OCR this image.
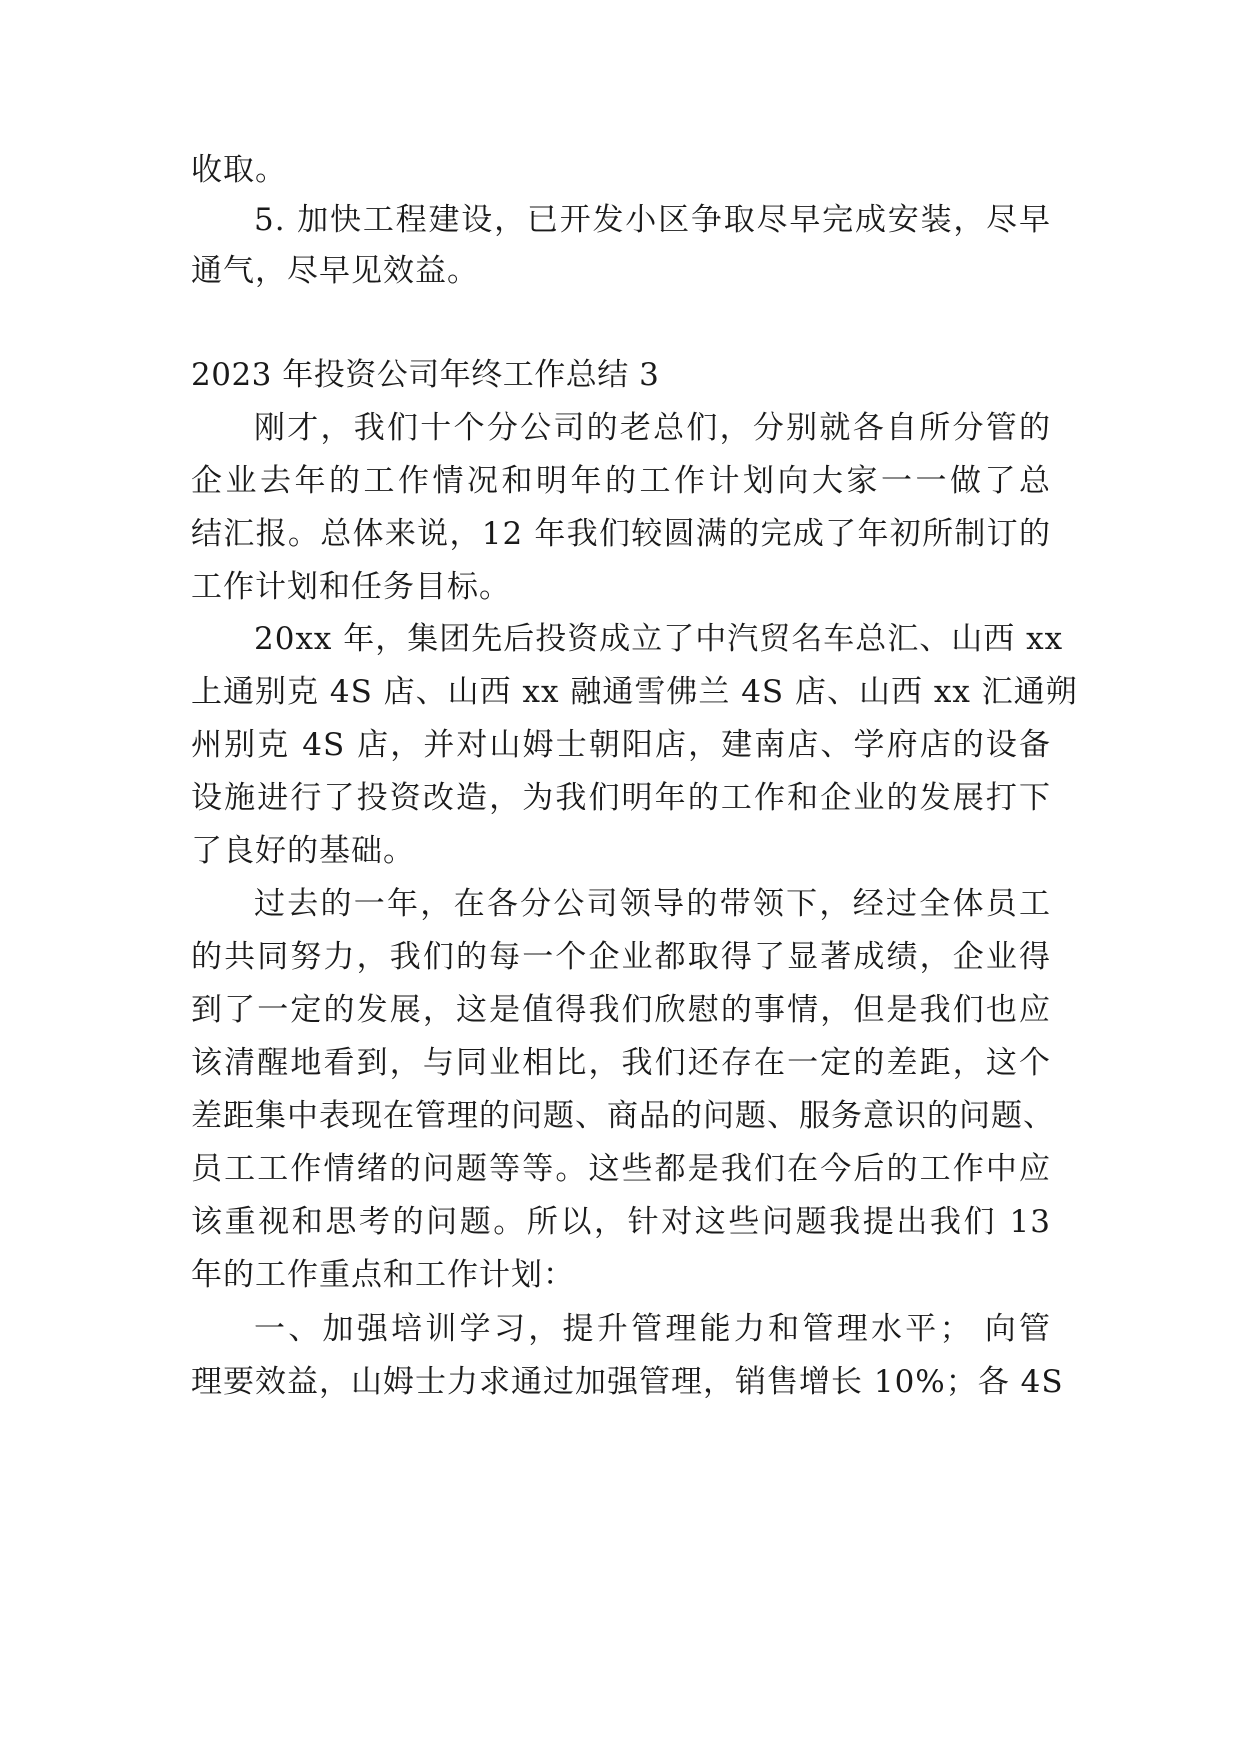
收取。
5. 加快工程建设，已开发小区争取尽早完成安装，尽早
通气，尽早见效益。
2023 年投资公司年终工作总结 3
刚才，我们十个分公司的老总们，分别就各自所分管的
企业去年的工作情况和明年的工作计划向大家一一做了总
结汇报。总体来说，12 年我们较圆满的完成了年初所制订的
工作计划和任务目标。
20xx 年，集团先后投资成立了中汽贸名车总汇、山西 xx
上通别克 4S 店、山西 xx 融通雪佛兰 4S 店、山西 xx 汇通朔
州别克 4S 店，并对山姆士朝阳店，建南店、学府店的设备
设施进行了投资改造，为我们明年的工作和企业的发展打下
了良好的基础。
过去的一年，在各分公司领导的带领下，经过全体员工
的共同努力，我们的每一个企业都取得了显著成绩，企业得
到了一定的发展，这是值得我们欣慰的事情，但是我们也应
该清醒地看到，与同业相比，我们还存在一定的差距，这个
差距集中表现在管理的问题、商品的问题、服务意识的问题、
员工工作情绪的问题等等。这些都是我们在今后的工作中应
该重视和思考的问题。所以，针对这些问题我提出我们 13
年的工作重点和工作计划：
一、加强培训学习，提升管理能力和管理水平； 向管
理要效益，山姆士力求通过加强管理，销售增长 10%；各 4S
